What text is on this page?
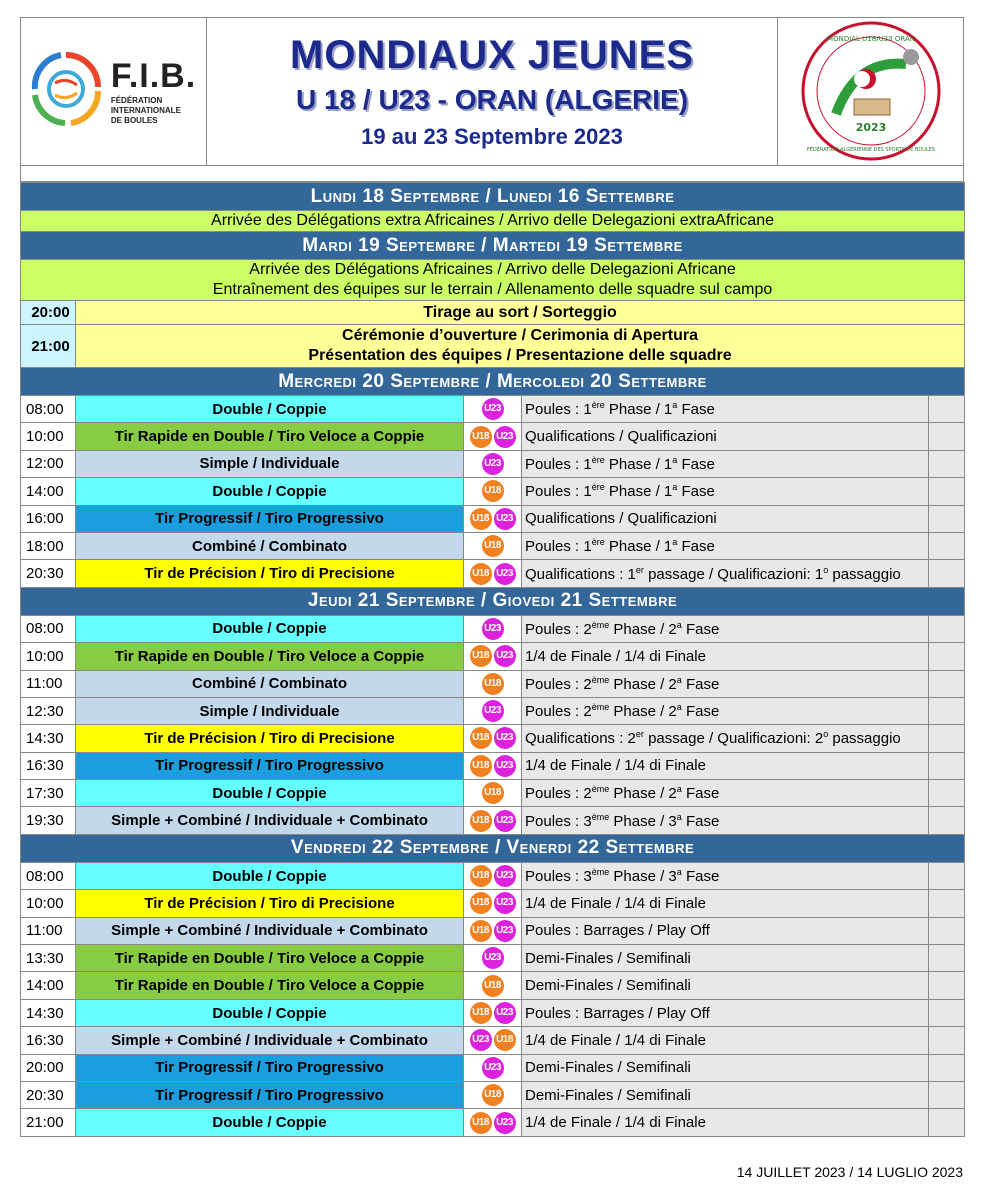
F.I.B.
FÉDÉRATION
INTERNATIONALE
DE BOULES
MONDIAUX JEUNES
U 18 / U23 - ORAN (ALGERIE)
19 au 23 Septembre 2023	2023
MONDIAL U18/U23 ORAN
FÉDÉRATION ALGÉRIENNE DES SPORTS DE BOULES
Lundi 18 Septembre / Lunedi 16 Settembre				

Arrivée des Délégations extra Africaines / Arrivo delle Delegazioni extraAfricane				

Mardi 19 Septembre / Martedi 19 Settembre				

Arrivée des Délégations Africaines / Arrivo delle Delegazioni Africane
Entraînement des équipes sur le terrain / Allenamento delle squadre sul campo				

20:00	Tirage au sort / Sorteggio			

21:00	Cérémonie d’ouverture / Cerimonia di Apertura
Présentation des équipes / Presentazione delle squadre			

Mercredi 20 Septembre / Mercoledi 20 Settembre				
08:00	Double / Coppie	U23	Poules : 1ère Phase / 1$^a$ Fase	
10:00	Tir Rapide en Double / Tiro Veloce a Coppie	U18 U23	Qualifications / Qualificazioni	
12:00	Simple / Individuale	U23	Poules : 1ère Phase / 1$^a$ Fase	
14:00	Double / Coppie	U18	Poules : 1ère Phase / 1$^a$ Fase	
16:00	Tir Progressif / Tiro Progressivo	U18 U23	Qualifications / Qualificazioni	
18:00	Combiné / Combinato	U18	Poules : 1ère Phase / 1$^a$ Fase	
20:30	Tir de Précision / Tiro di Precisione	U18 U23	Qualifications : 1er passage / Qualificazioni: 1$^o$ passaggio	
Jeudi 21 Septembre / Giovedi 21 Settembre				
08:00	Double / Coppie	U23	Poules : 2ème Phase / 2$^a$ Fase	
10:00	Tir Rapide en Double / Tiro Veloce a Coppie	U18 U23	1/4 de Finale / 1/4 di Finale	
11:00	Combiné / Combinato	U18	Poules : 2ème Phase / 2$^a$ Fase	
12:30	Simple / Individuale	U23	Poules : 2ème Phase / 2$^a$ Fase	
14:30	Tir de Précision / Tiro di Precisione	U18 U23	Qualifications : 2er passage / Qualificazioni: 2$^o$ passaggio	
16:30	Tir Progressif / Tiro Progressivo	U18 U23	1/4 de Finale / 1/4 di Finale	
17:30	Double / Coppie	U18	Poules : 2ème Phase / 2$^a$ Fase	
19:30	Simple + Combiné / Individuale + Combinato	U18 U23	Poules : 3ème Phase / 3$^a$ Fase	
Vendredi 22 Septembre / Venerdi 22 Settembre				
08:00	Double / Coppie	U18 U23	Poules : 3ème Phase / 3$^a$ Fase	
10:00	Tir de Précision / Tiro di Precisione	U18 U23	1/4 de Finale / 1/4 di Finale	
11:00	Simple + Combiné / Individuale + Combinato	U18 U23	Poules : Barrages / Play Off	
13:30	Tir Rapide en Double / Tiro Veloce a Coppie	U23	Demi-Finales / Semifinali	
14:00	Tir Rapide en Double / Tiro Veloce a Coppie	U18	Demi-Finales / Semifinali	
14:30	Double / Coppie	U18 U23	Poules : Barrages / Play Off	
16:30	Simple + Combiné / Individuale + Combinato	U23 U18	1/4 de Finale / 1/4 di Finale	
20:00	Tir Progressif / Tiro Progressivo	U23	Demi-Finales / Semifinali	
20:30	Tir Progressif / Tiro Progressivo	U18	Demi-Finales / Semifinali	
21:00	Double / Coppie	U18 U23	1/4 de Finale / 1/4 di Finale	
14 JUILLET 2023 / 14 LUGLIO 2023
